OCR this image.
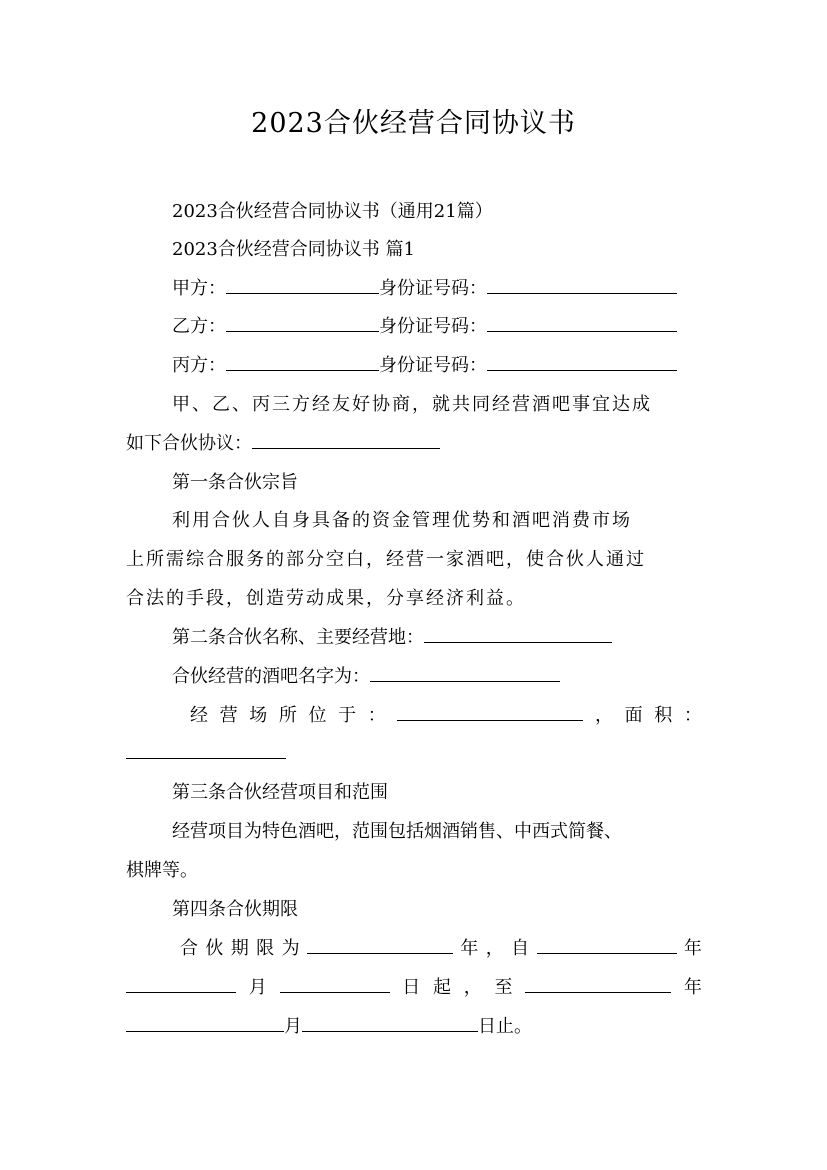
2023合伙经营合同协议书
2023合伙经营合同协议书（通用21篇）
2023合伙经营合同协议书 篇1
甲方：	身份证号码：
乙方：	身份证号码：
丙方：	身份证号码：
甲、乙、丙三方经友好协商，就共同经营酒吧事宜达成
如下合伙协议：
第一条合伙宗旨
利用合伙人自身具备的资金管理优势和酒吧消费市场
上所需综合服务的部分空白，经营一家酒吧，使合伙人通过
合法的手段，创造劳动成果，分享经济利益。
第二条合伙名称、主要经营地：
合伙经营的酒吧名字为：
经 营 场 所 位 于 ：	， 面 积 ：
第三条合伙经营项目和范围
经营项目为特色酒吧，范围包括烟酒销售、中西式简餐、
棋牌等。
第四条合伙期限
合 伙 期 限 为	年 ， 自	年
月	日 起 ， 至	年
月	日止。
